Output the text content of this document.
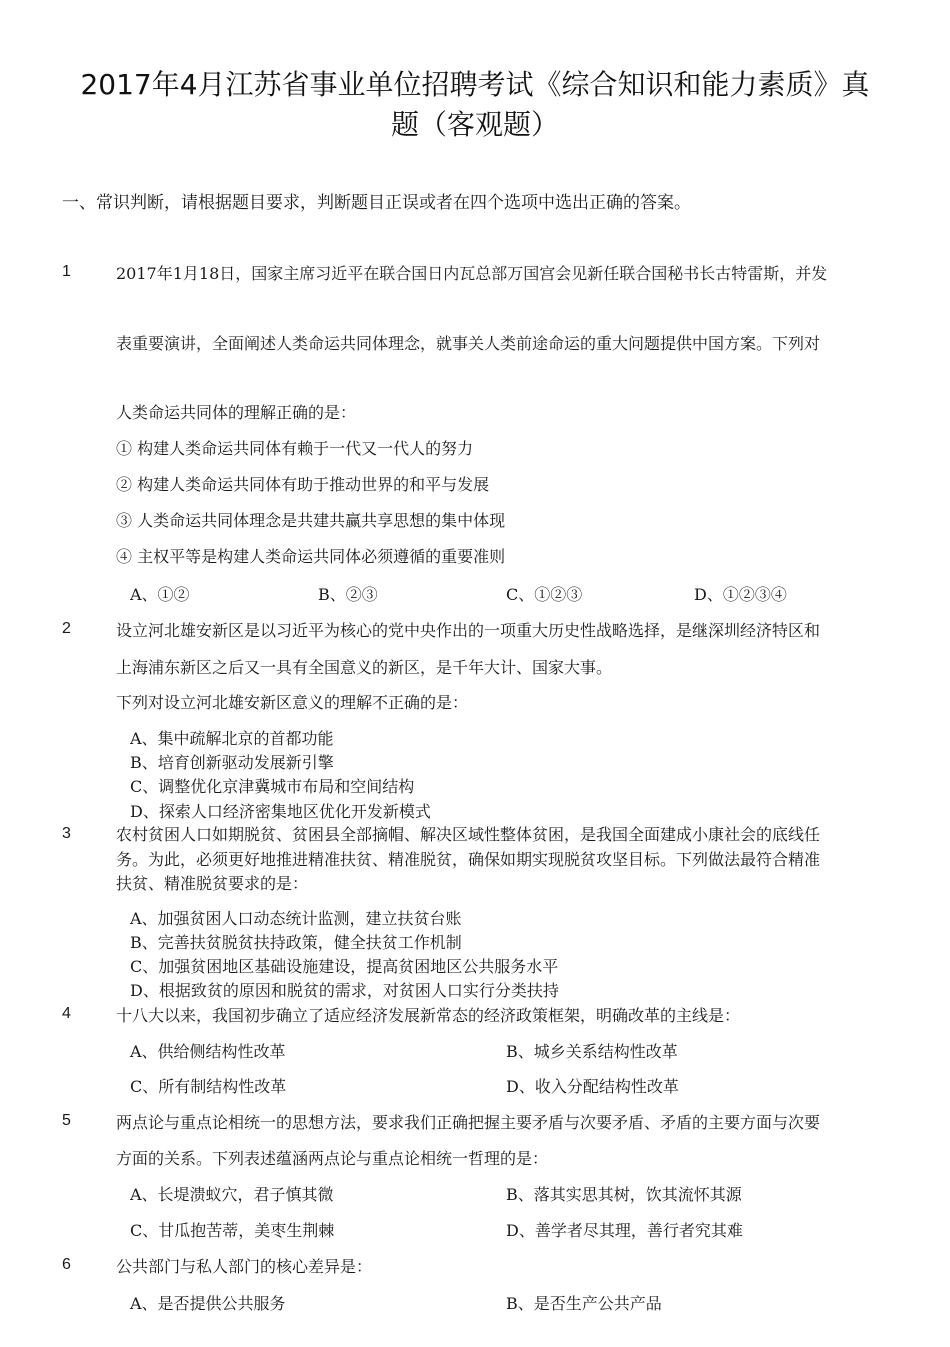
2017年4月江苏省事业单位招聘考试《综合知识和能力素质》真
题（客观题）
一、常识判断，请根据题目要求，判断题目正误或者在四个选项中选出正确的答案。
1	2017年1月18日，国家主席习近平在联合国日内瓦总部万国宫会见新任联合国秘书长古特雷斯，并发
表重要演讲，全面阐述人类命运共同体理念，就事关人类前途命运的重大问题提供中国方案。下列对
人类命运共同体的理解正确的是：
① 构建人类命运共同体有赖于一代又一代人的努力
② 构建人类命运共同体有助于推动世界的和平与发展
③ 人类命运共同体理念是共建共赢共享思想的集中体现
④ 主权平等是构建人类命运共同体必须遵循的重要准则
A、①②	B、②③	C、①②③	D、①②③④
2	设立河北雄安新区是以习近平为核心的党中央作出的一项重大历史性战略选择，是继深圳经济特区和
上海浦东新区之后又一具有全国意义的新区，是千年大计、国家大事。
下列对设立河北雄安新区意义的理解不正确的是：
A、集中疏解北京的首都功能
B、培育创新驱动发展新引擎
C、调整优化京津冀城市布局和空间结构
D、探索人口经济密集地区优化开发新模式
3	农村贫困人口如期脱贫、贫困县全部摘帽、解决区域性整体贫困，是我国全面建成小康社会的底线任
务。为此，必须更好地推进精准扶贫、精准脱贫，确保如期实现脱贫攻坚目标。下列做法最符合精准
扶贫、精准脱贫要求的是：
A、加强贫困人口动态统计监测，建立扶贫台账
B、完善扶贫脱贫扶持政策，健全扶贫工作机制
C、加强贫困地区基础设施建设，提高贫困地区公共服务水平
D、根据致贫的原因和脱贫的需求，对贫困人口实行分类扶持
4	十八大以来，我国初步确立了适应经济发展新常态的经济政策框架，明确改革的主线是：
A、供给侧结构性改革	B、城乡关系结构性改革
C、所有制结构性改革	D、收入分配结构性改革
5	两点论与重点论相统一的思想方法，要求我们正确把握主要矛盾与次要矛盾、矛盾的主要方面与次要
方面的关系。下列表述蕴涵两点论与重点论相统一哲理的是：
A、长堤溃蚁穴，君子慎其微	B、落其实思其树，饮其流怀其源
C、甘瓜抱苦蒂，美枣生荆棘	D、善学者尽其理，善行者究其难
6	公共部门与私人部门的核心差异是：
A、是否提供公共服务	B、是否生产公共产品
